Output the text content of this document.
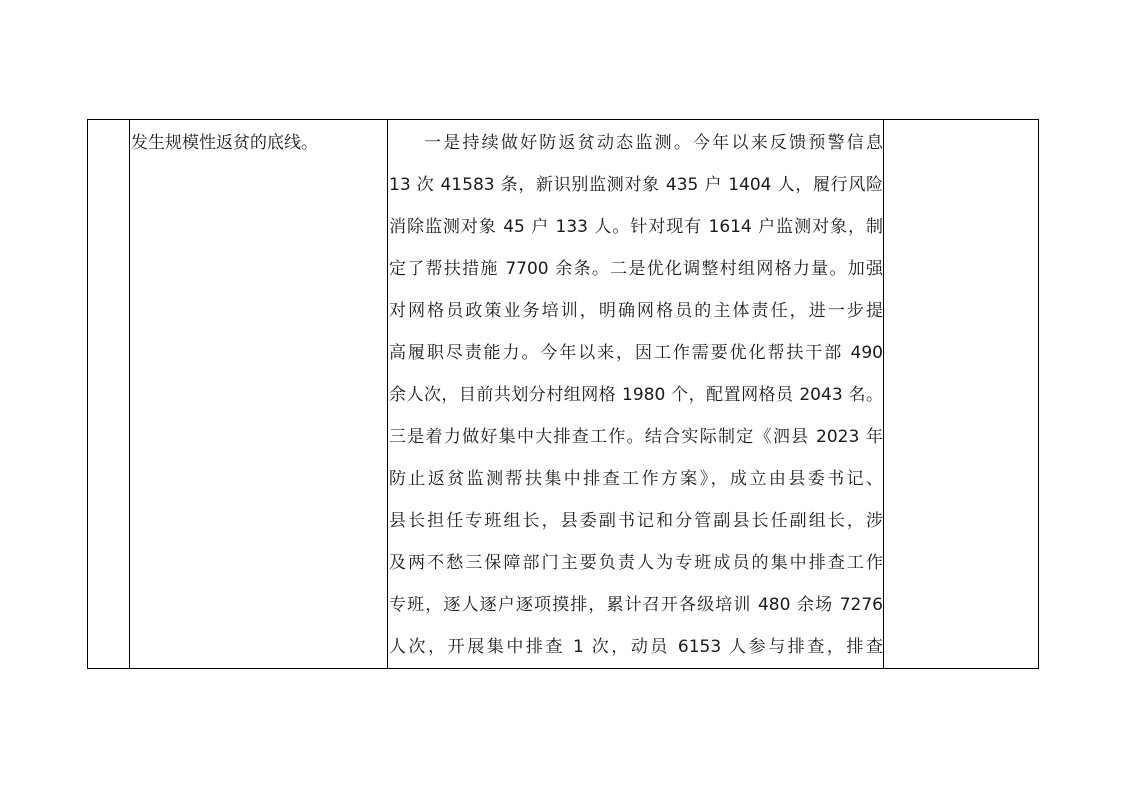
发生规模性返贫的底线。	一是持续做好防返贫动态监测。今年以来反馈预警信息
13 次 41583 条，新识别监测对象 435 户 1404 人，履行风险
消除监测对象 45 户 133 人。针对现有 1614 户监测对象，制
定了帮扶措施 7700 余条。二是优化调整村组网格力量。加强
对网格员政策业务培训，明确网格员的主体责任，进一步提
高履职尽责能力。今年以来，因工作需要优化帮扶干部 490
余人次，目前共划分村组网格 1980 个，配置网格员 2043 名。
三是着力做好集中大排查工作。结合实际制定《泗县 2023 年
防止返贫监测帮扶集中排查工作方案》，成立由县委书记、
县长担任专班组长，县委副书记和分管副县长任副组长，涉
及两不愁三保障部门主要负责人为专班成员的集中排查工作
专班，逐人逐户逐项摸排，累计召开各级培训 480 余场 7276
人次，开展集中排查 1 次，动员 6153 人参与排查，排查
